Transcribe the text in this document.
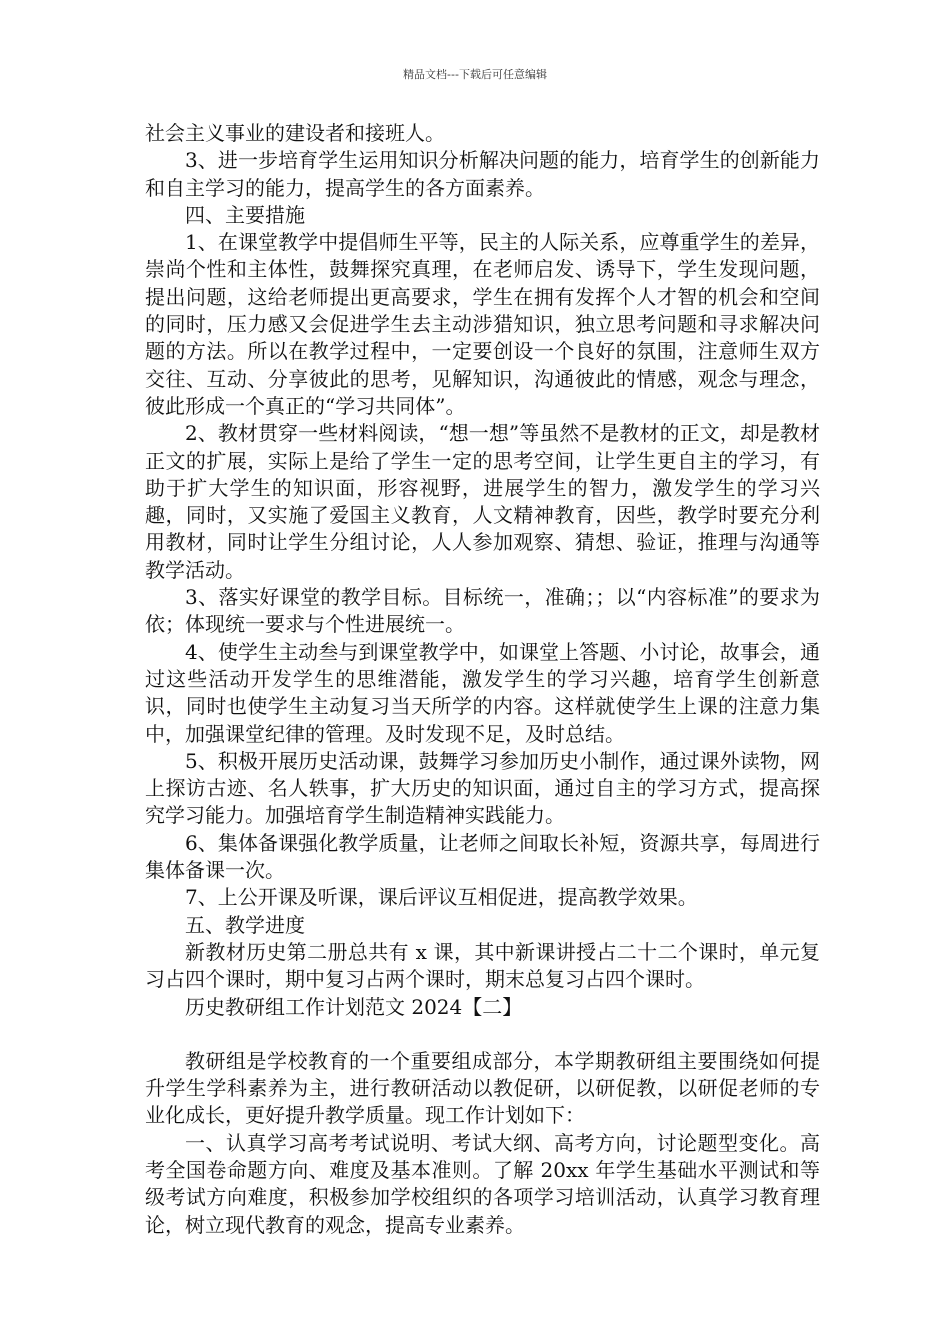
精品文档---下载后可任意编辑

社会主义事业的建设者和接班人。

3、进一步培育学生运用知识分析解决问题的能力，培育学生的创新能力和自主学习的能力，提高学生的各方面素养。

四、主要措施

1、在课堂教学中提倡师生平等，民主的人际关系，应尊重学生的差异，崇尚个性和主体性，鼓舞探究真理，在老师启发、诱导下，学生发现问题，提出问题，这给老师提出更高要求，学生在拥有发挥个人才智的机会和空间的同时，压力感又会促进学生去主动涉猎知识，独立思考问题和寻求解决问题的方法。所以在教学过程中，一定要创设一个良好的氛围，注意师生双方交往、互动、分享彼此的思考，见解知识，沟通彼此的情感，观念与理念，彼此形成一个真正的“学习共同体”。

2、教材贯穿一些材料阅读，“想一想”等虽然不是教材的正文，却是教材正文的扩展，实际上是给了学生一定的思考空间，让学生更自主的学习，有助于扩大学生的知识面，形容视野，进展学生的智力，激发学生的学习兴趣，同时，又实施了爱国主义教育，人文精神教育，因些，教学时要充分利用教材，同时让学生分组讨论，人人参加观察、猜想、验证，推理与沟通等教学活动。

3、落实好课堂的教学目标。目标统一，准确；；以“内容标准”的要求为依；体现统一要求与个性进展统一。

4、使学生主动叁与到课堂教学中，如课堂上答题、小讨论，故事会，通过这些活动开发学生的思维潜能，激发学生的学习兴趣，培育学生创新意识，同时也使学生主动复习当天所学的内容。这样就使学生上课的注意力集中，加强课堂纪律的管理。及时发现不足，及时总结。

5、积极开展历史活动课，鼓舞学习参加历史小制作，通过课外读物，网上探访古迹、名人轶事，扩大历史的知识面，通过自主的学习方式，提高探究学习能力。加强培育学生制造精神实践能力。

6、集体备课强化教学质量，让老师之间取长补短，资源共享，每周进行集体备课一次。

7、上公开课及听课，课后评议互相促进，提高教学效果。

五、教学进度

新教材历史第二册总共有 x 课，其中新课讲授占二十二个课时，单元复习占四个课时，期中复习占两个课时，期末总复习占四个课时。

历史教研组工作计划范文 2024【二】

教研组是学校教育的一个重要组成部分，本学期教研组主要围绕如何提升学生学科素养为主，进行教研活动以教促研，以研促教，以研促老师的专业化成长，更好提升教学质量。现工作计划如下：

一、认真学习高考考试说明、考试大纲、高考方向，讨论题型变化。高考全国卷命题方向、难度及基本准则。了解 20xx 年学生基础水平测试和等级考试方向难度，积极参加学校组织的各项学习培训活动，认真学习教育理论，树立现代教育的观念，提高专业素养。
